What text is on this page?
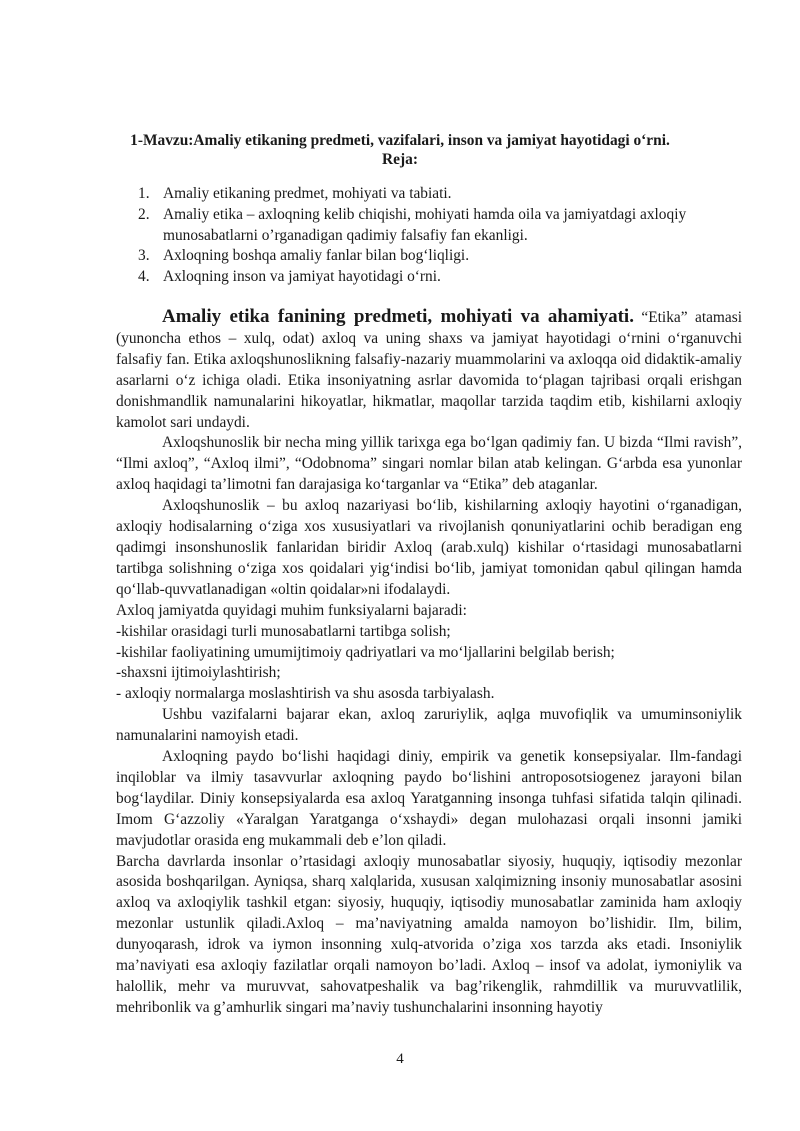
1-Mavzu:Amaliy etikaning predmeti, vazifalari, inson va jamiyat hayotidagi o‘rni.
Reja:
1. Amaliy etikaning predmet, mohiyati va tabiati.
2. Amaliy etika – axloqning kelib chiqishi, mohiyati hamda oila va jamiyatdagi axloqiy munosabatlarni o’rganadigan qadimiy falsafiy fan ekanligi.
3. Axloqning boshqa amaliy fanlar bilan bog‘liqligi.
4. Axloqning inson va jamiyat hayotidagi o‘rni.

Amaliy etika fanining predmeti, mohiyati va ahamiyati. “Etika” atamasi (yunoncha ethos – xulq, odat) axloq va uning shaxs va jamiyat hayotidagi o‘rnini o‘rganuvchi falsafiy fan. Etika axloqshunoslikning falsafiy-nazariy muammolarini va axloqqa oid didaktik-amaliy asarlarni o‘z ichiga oladi. Etika insoniyatning asrlar davomida to‘plagan tajribasi orqali erishgan donishmandlik namunalarini hikoyatlar, hikmatlar, maqollar tarzida taqdim etib, kishilarni axloqiy kamolot sari undaydi.

Axloqshunoslik bir necha ming yillik tarixga ega bo‘lgan qadimiy fan. U bizda “Ilmi ravish”, “Ilmi axloq”, “Axloq ilmi”, “Odobnoma” singari nomlar bilan atab kelingan. G‘arbda esa yunonlar axloq haqidagi ta’limotni fan darajasiga ko‘targanlar va “Etika” deb ataganlar.

Axloqshunoslik – bu axloq nazariyasi bo‘lib, kishilarning axloqiy hayotini o‘rganadigan, axloqiy hodisalarning o‘ziga xos xususiyatlari va rivojlanish qonuniyatlarini ochib beradigan eng qadimgi insonshunoslik fanlaridan biridir Axloq (arab.xulq) kishilar o‘rtasidagi munosabatlarni tartibga solishning o‘ziga xos qoidalari yig‘indisi bo‘lib, jamiyat tomonidan qabul qilingan hamda qo‘llab-quvvatlanadigan «oltin qoidalar»ni ifodalaydi.

Axloq jamiyatda quyidagi muhim funksiyalarni bajaradi:

-kishilar orasidagi turli munosabatlarni tartibga solish;

-kishilar faoliyatining umumijtimoiy qadriyatlari va mo‘ljallarini belgilab berish;

-shaxsni ijtimoiylashtirish;

- axloqiy normalarga moslashtirish va shu asosda tarbiyalash.

Ushbu vazifalarni bajarar ekan, axloq zaruriylik, aqlga muvofiqlik va umuminsoniylik namunalarini namoyish etadi.

Axloqning paydo bo‘lishi haqidagi diniy, empirik va genetik konsepsiyalar. Ilm-fandagi inqiloblar va ilmiy tasavvurlar axloqning paydo bo‘lishini antroposotsiogenez jarayoni bilan bog‘laydilar. Diniy konsepsiyalarda esa axloq Yaratganning insonga tuhfasi sifatida talqin qilinadi. Imom G‘azzoliy «Yaralgan Yaratganga o‘xshaydi» degan mulohazasi orqali insonni jamiki mavjudotlar orasida eng mukammali deb e’lon qiladi.

Barcha davrlarda insonlar o’rtasidagi axloqiy munosabatlar siyosiy, huquqiy, iqtisodiy mezonlar asosida boshqarilgan. Ayniqsa, sharq xalqlarida, xususan xalqimizning insoniy munosabatlar asosini axloq va axloqiylik tashkil etgan: siyosiy, huquqiy, iqtisodiy munosabatlar zaminida ham axloqiy mezonlar ustunlik qiladi.Axloq – ma’naviyatning amalda namoyon bo’lishidir. Ilm, bilim, dunyoqarash, idrok va iymon insonning xulq-atvorida o’ziga xos tarzda aks etadi. Insoniylik ma’naviyati esa axloqiy fazilatlar orqali namoyon bo’ladi. Axloq – insof va adolat, iymoniylik va halollik, mehr va muruvvat, sahovatpeshalik va bag’rikenglik, rahmdillik va muruvvatlilik, mehribonlik va g’amhurlik singari ma’naviy tushunchalarini insonning hayotiy

4
